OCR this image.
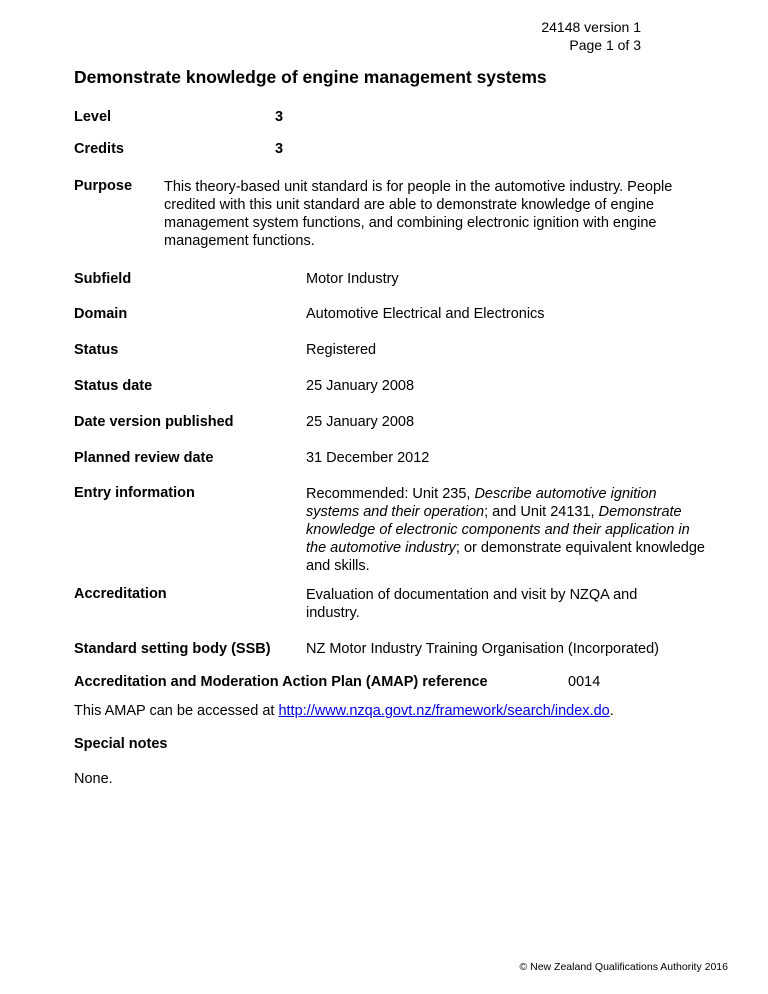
24148 version 1
Page 1 of 3
Demonstrate knowledge of engine management systems
Level	3
Credits	3
Purpose This theory-based unit standard is for people in the automotive industry. People credited with this unit standard are able to demonstrate knowledge of engine management system functions, and combining electronic ignition with engine management functions.
Subfield	Motor Industry
Domain	Automotive Electrical and Electronics
Status	Registered
Status date	25 January 2008
Date version published	25 January 2008
Planned review date	31 December 2012
Entry information	Recommended: Unit 235, Describe automotive ignition systems and their operation; and Unit 24131, Demonstrate knowledge of electronic components and their application in the automotive industry; or demonstrate equivalent knowledge and skills.
Accreditation	Evaluation of documentation and visit by NZQA and industry.
Standard setting body (SSB) NZ Motor Industry Training Organisation (Incorporated)
Accreditation and Moderation Action Plan (AMAP) reference	0014
This AMAP can be accessed at http://www.nzqa.govt.nz/framework/search/index.do.
Special notes
None.
© New Zealand Qualifications Authority 2016
